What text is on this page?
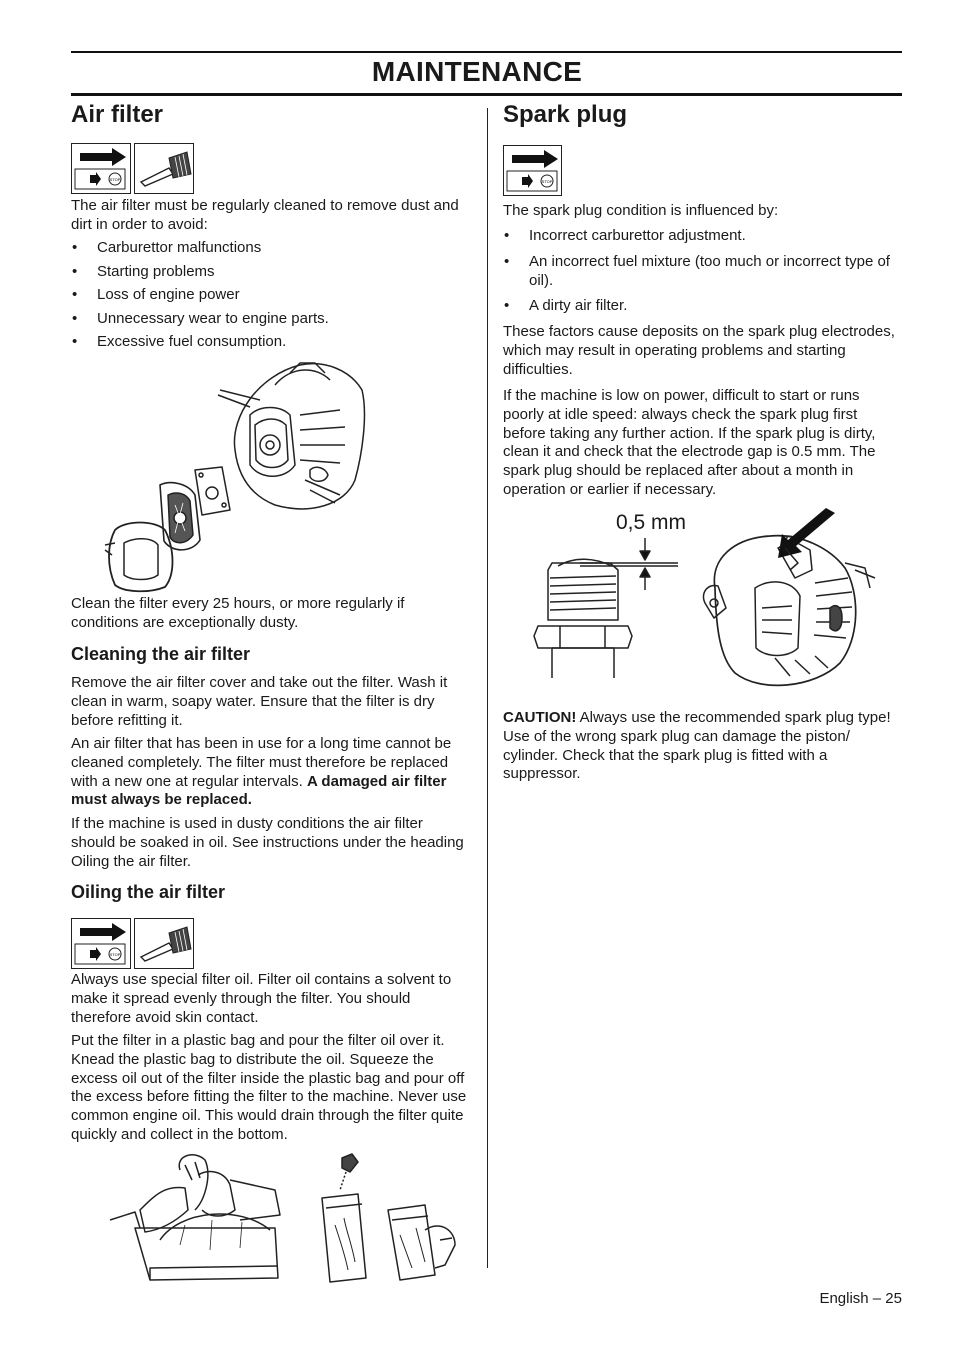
MAINTENANCE
Air filter
STOP

The air filter must be regularly cleaned to remove dust and dirt in order to avoid:

• Carburettor malfunctions
• Starting problems
• Loss of engine power
• Unnecessary wear to engine parts.
• Excessive fuel consumption.

Clean the filter every 25 hours, or more regularly if conditions are exceptionally dusty.

Cleaning the air filter

Remove the air filter cover and take out the filter. Wash it clean in warm, soapy water. Ensure that the filter is dry before refitting it.

An air filter that has been in use for a long time cannot be cleaned completely. The filter must therefore be replaced with a new one at regular intervals. A damaged air filter must always be replaced.

If the machine is used in dusty conditions the air filter should be soaked in oil. See instructions under the heading Oiling the air filter.

Oiling the air filter
STOP

Always use special filter oil. Filter oil contains a solvent to make it spread evenly through the filter. You should therefore avoid skin contact.

Put the filter in a plastic bag and pour the filter oil over it. Knead the plastic bag to distribute the oil. Squeeze the excess oil out of the filter inside the plastic bag and pour off the excess before fitting the filter to the machine. Never use common engine oil. This would drain through the filter quite quickly and collect in the bottom.

Spark plug
STOP

The spark plug condition is influenced by:

• Incorrect carburettor adjustment.
• An incorrect fuel mixture (too much or incorrect type of oil).
• A dirty air filter.

These factors cause deposits on the spark plug electrodes, which may result in operating problems and starting difficulties.

If the machine is low on power, difficult to start or runs poorly at idle speed: always check the spark plug first before taking any further action. If the spark plug is dirty, clean it and check that the electrode gap is 0.5 mm. The spark plug should be replaced after about a month in operation or earlier if necessary.

0,5 mm

CAUTION! Always use the recommended spark plug type! Use of the wrong spark plug can damage the piston/ cylinder. Check that the spark plug is fitted with a suppressor.

English – 25
